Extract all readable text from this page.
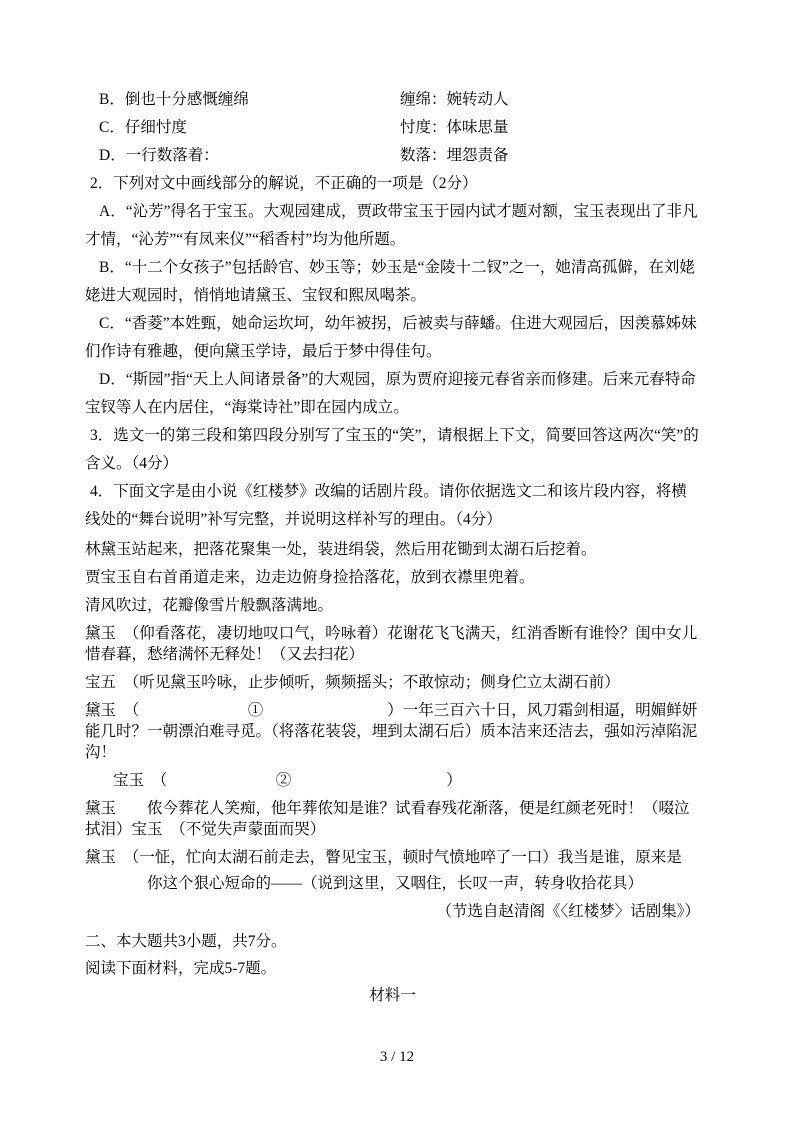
B．倒也十分感慨缠绵	缠绵：婉转动人
C．仔细忖度	忖度：体味思量
D．一行数落着：	数落：埋怨责备

2．下列对文中画线部分的解说，不正确的一项是（2分）

A．“沁芳”得名于宝玉。大观园建成，贾政带宝玉于园内试才题对额，宝玉表现出了非凡才情，“沁芳”“有凤来仪”“稻香村”均为他所题。

B．“十二个女孩子”包括龄官、妙玉等；妙玉是“金陵十二钗”之一，她清高孤僻，在刘姥姥进大观园时，悄悄地请黛玉、宝钗和熙凤喝茶。

C．“香菱”本姓甄，她命运坎坷，幼年被拐，后被卖与薛蟠。住进大观园后，因羡慕姊妹们作诗有雅趣，便向黛玉学诗，最后于梦中得佳句。

D．“斯园”指“天上人间诸景备”的大观园，原为贾府迎接元春省亲而修建。后来元春特命宝钗等人在内居住，“海棠诗社”即在园内成立。

3．选文一的第三段和第四段分别写了宝玉的“笑”，请根据上下文，简要回答这两次“笑”的含义。（4分）

4．下面文字是由小说《红楼梦》改编的话剧片段。请你依据选文二和该片段内容，将横线处的“舞台说明”补写完整，并说明这样补写的理由。（4分）

林黛玉站起来，把落花聚集一处，装进绢袋，然后用花锄到太湖石后挖着。

贾宝玉自右首甬道走来，边走边俯身捡拾落花，放到衣襟里兜着。

清风吹过，花瓣像雪片般飘落满地。

黛玉　（仰看落花，凄切地叹口气，吟咏着）花谢花飞飞满天，红消香断有谁怜？闺中女儿惜春暮，愁绪满怀无释处！（又去扫花）

宝五　（听见黛玉吟咏，止步倾听，频频摇头；不敢惊动；侧身伫立太湖石前）

黛玉　（　　　　　　　①　　　　　　　　）一年三百六十日，风刀霜剑相逼，明媚鲜妍能几时？一朝漂泊难寻觅。（将落花装袋，埋到太湖石后）质本洁来还洁去，强如污淖陷泥沟！

宝玉　（　　　　　　　②　　　　　　　　　　）

黛玉　　侬今葬花人笑痴，他年葬侬知是谁？试看春残花渐落，便是红颜老死时！（啜泣拭泪）宝玉　（不觉失声蒙面而哭）

黛玉　（一怔，忙向太湖石前走去，瞥见宝玉，顿时气愤地啐了一口）我当是谁，原来是

你这个狠心短命的——（说到这里，又咽住，长叹一声，转身收拾花具）

（节选自赵清阁《〈红楼梦〉话剧集》）

二、本大题共3小题，共7分。

阅读下面材料，完成5-7题。

材料一

3 / 12
